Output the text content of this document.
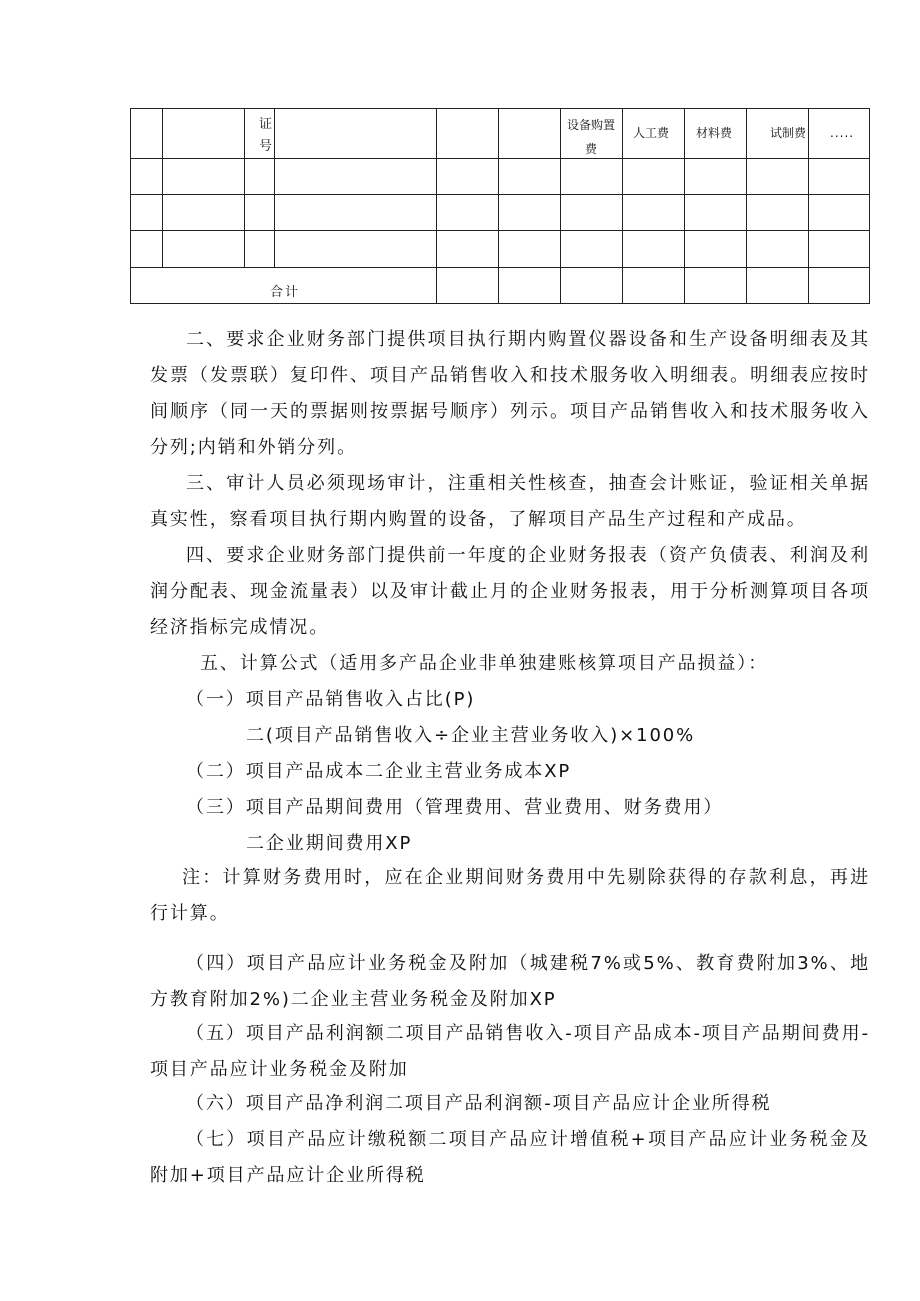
证
号
设备购置
费
人工费 材料费	试制费 .....
合计

二、要求企业财务部门提供项目执行期内购置仪器设备和生产设备明细表及其发票（发票联）复印件、项目产品销售收入和技术服务收入明细表。明细表应按时间顺序（同一天的票据则按票据号顺序）列示。项目产品销售收入和技术服务收入分列;内销和外销分列。

三、审计人员必须现场审计，注重相关性核查，抽查会计账证，验证相关单据真实性，察看项目执行期内购置的设备，了解项目产品生产过程和产成品。

四、要求企业财务部门提供前一年度的企业财务报表（资产负债表、利润及利润分配表、现金流量表）以及审计截止月的企业财务报表，用于分析测算项目各项经济指标完成情况。

五、计算公式（适用多产品企业非单独建账核算项目产品损益）：

（一）项目产品销售收入占比(P)

二(项目产品销售收入÷企业主营业务收入)×100%

（二）项目产品成本二企业主营业务成本XP

（三）项目产品期间费用（管理费用、营业费用、财务费用）

二企业期间费用XP

注：计算财务费用时，应在企业期间财务费用中先剔除获得的存款利息，再进行计算。

（四）项目产品应计业务税金及附加（城建税7%或5%、教育费附加3%、地方教育附加2%)二企业主营业务税金及附加XP

（五）项目产品利润额二项目产品销售收入-项目产品成本-项目产品期间费用-项目产品应计业务税金及附加

（六）项目产品净利润二项目产品利润额-项目产品应计企业所得税

（七）项目产品应计缴税额二项目产品应计增值税+项目产品应计业务税金及附加+项目产品应计企业所得税
